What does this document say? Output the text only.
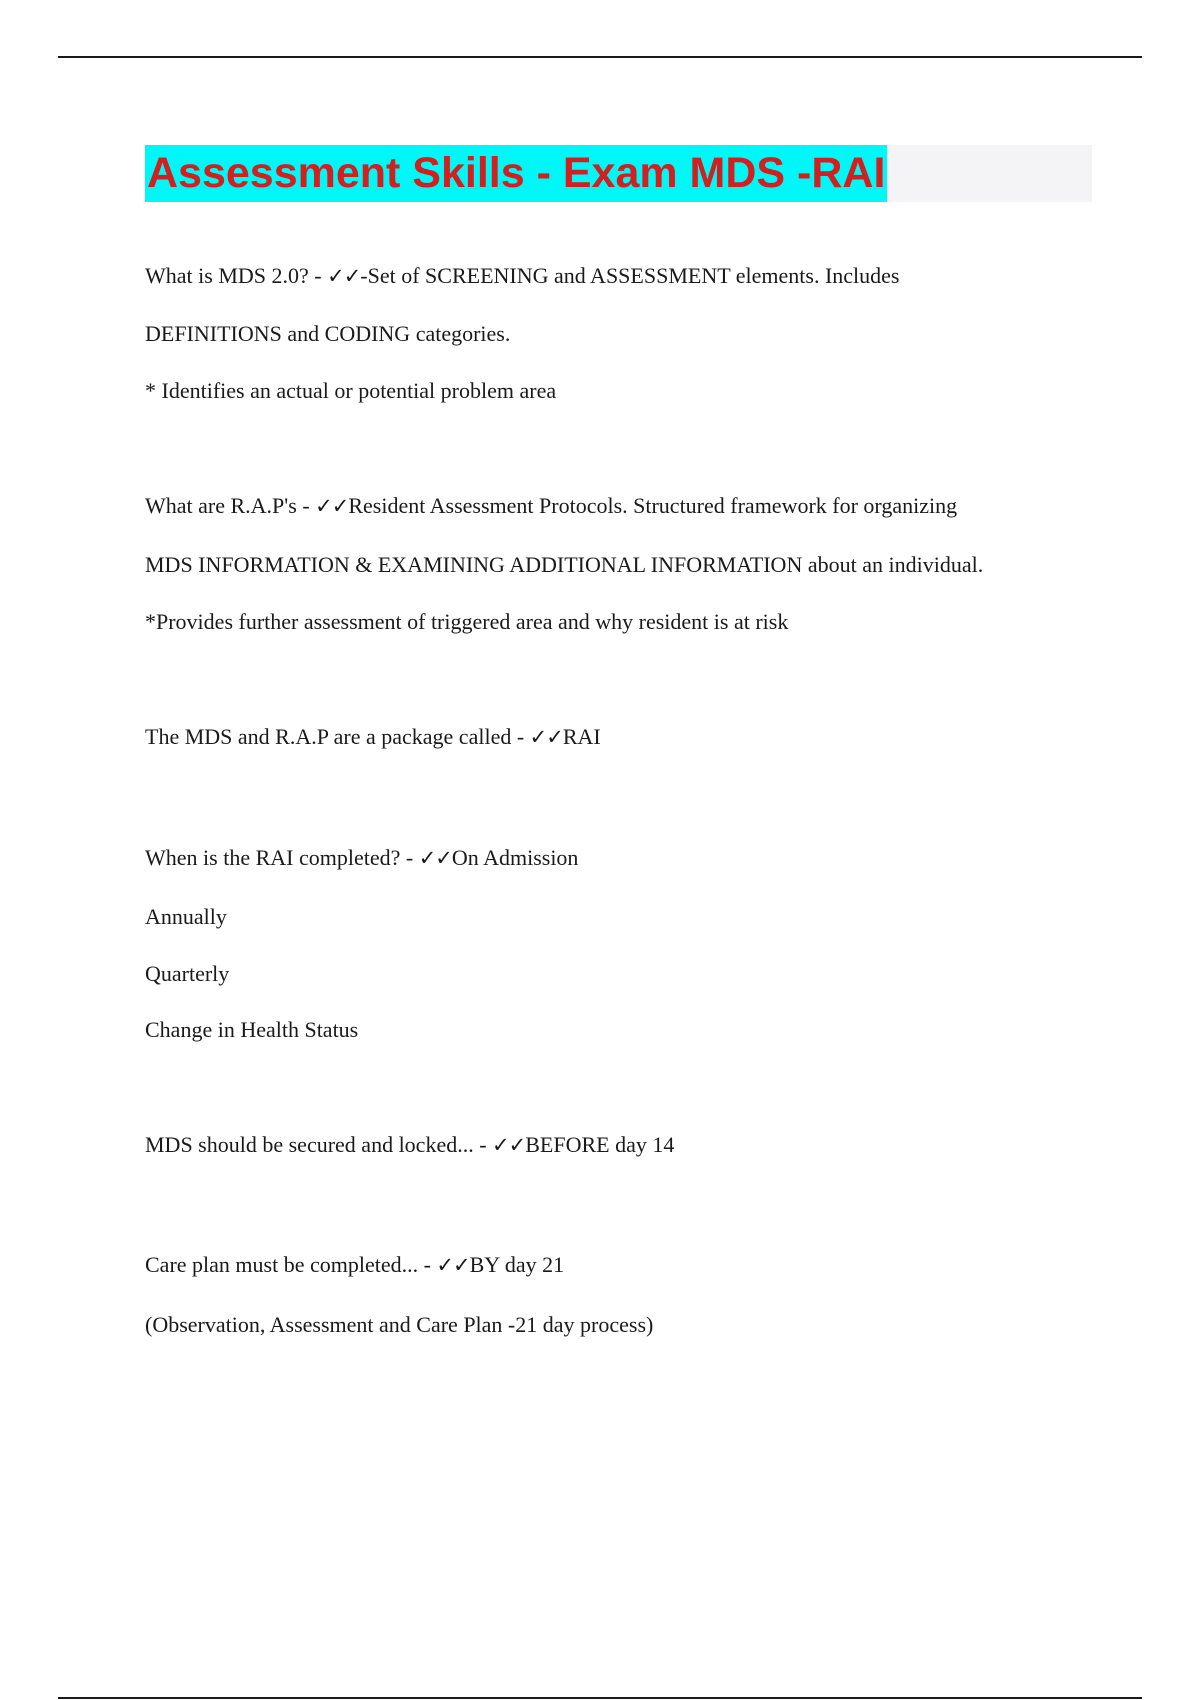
Assessment Skills - Exam MDS -RAI
What is MDS 2.0? - ✓✓-Set of SCREENING and ASSESSMENT elements. Includes
DEFINITIONS and CODING categories.
* Identifies an actual or potential problem area
What are R.A.P's - ✓✓Resident Assessment Protocols. Structured framework for organizing
MDS INFORMATION & EXAMINING ADDITIONAL INFORMATION about an individual.
*Provides further assessment of triggered area and why resident is at risk
The MDS and R.A.P are a package called - ✓✓RAI
When is the RAI completed? - ✓✓On Admission
Annually
Quarterly
Change in Health Status
MDS should be secured and locked... - ✓✓BEFORE day 14
Care plan must be completed... - ✓✓BY day 21
(Observation, Assessment and Care Plan -21 day process)
